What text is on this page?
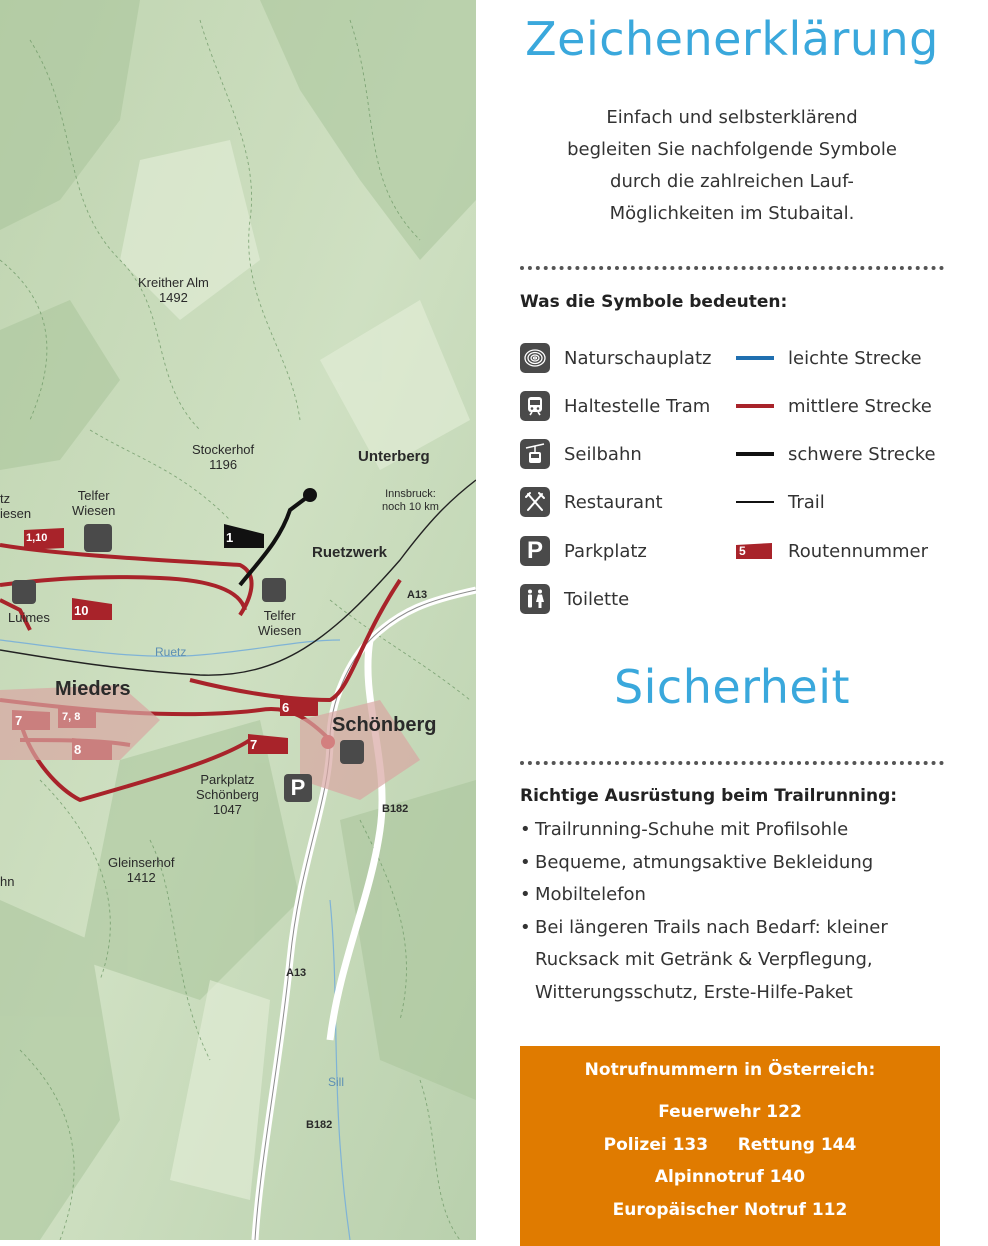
P
1,10	1
10
6
7	7, 8
8	7
Kreither Alm
1492
Stockerhof
1196	Unterberg
Innsbruck:
noch 10 km
Telfer
Wiesen
tz
iesen
Ruetzwerk
Luimes	Telfer
Wiesen
Ruetz
A13
Mieders
Schönberg
Parkplatz
Schönberg
1047	B182
Gleinserhof
1412
hn
A13
Sill
B182
Zeichenerklärung
Einfach und selbsterklärend
begleiten Sie nachfolgende Symbole
durch die zahlreichen Lauf-
Möglichkeiten im Stubaital.
Was die Symbole bedeuten:
Naturschauplatz
Haltestelle Tram
Seilbahn
Restaurant
P	Parkplatz
Toilette
leichte Strecke
mittlere Strecke
schwere Strecke
Trail
5 Routennummer
Sicherheit
Richtige Ausrüstung beim Trailrunning:
• Trailrunning-Schuhe mit Profilsohle
• Bequeme, atmungsaktive Bekleidung
• Mobiltelefon
• Bei längeren Trails nach Bedarf: kleiner
Rucksack mit Getränk & Verpflegung,
Witterungsschutz, Erste-Hilfe-Paket
Notrufnummern in Österreich:
Feuerwehr 122
Polizei 133 Rettung 144
Alpinnotruf 140
Europäischer Notruf 112
